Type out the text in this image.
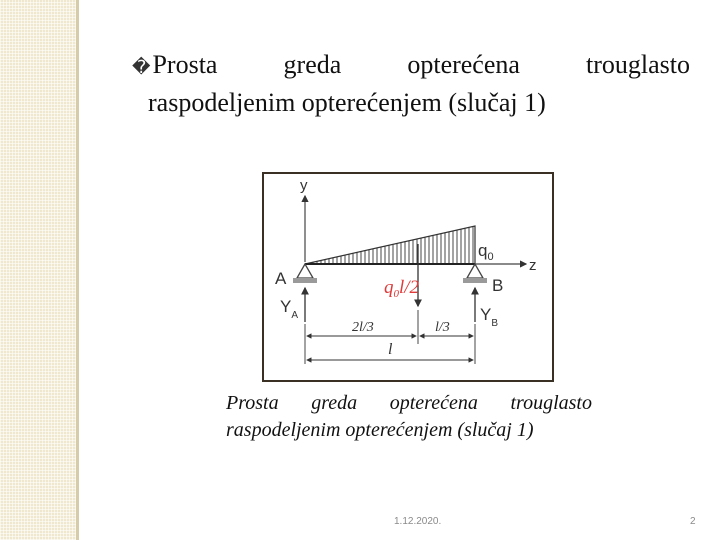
�Prosta	greda	opterećena	trouglasto
raspodeljenim opterećenjem (slučaj 1)
y
z
$q_0$
A	B
$q_0l/2$
$Y_A$	$Y_B$
2l/3	l/3
l
Prosta greda opterećena trouglasto
raspodeljenim opterećenjem (slučaj 1)
1.12.2020.	2
